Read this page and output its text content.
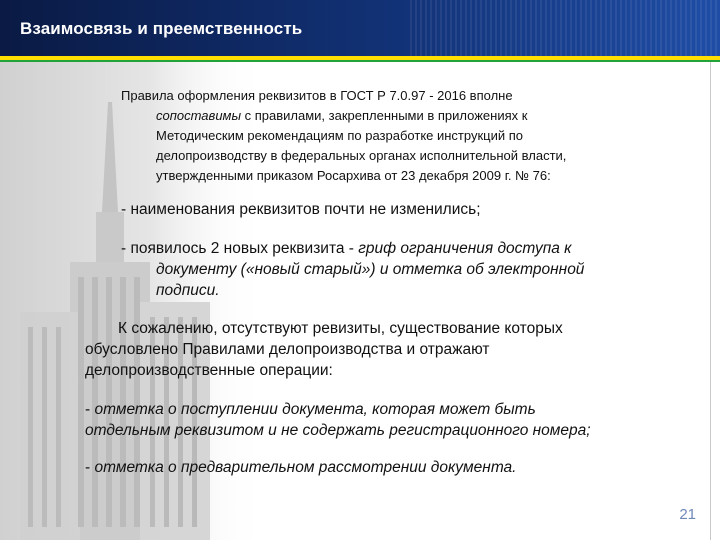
Взаимосвязь и преемственность
Правила оформления реквизитов в ГОСТ Р 7.0.97 - 2016 вполне
сопоставимы с правилами, закрепленными в приложениях к
Методическим рекомендациям по разработке инструкций по
делопроизводству в федеральных органах исполнительной власти,
утвержденными приказом Росархива от 23 декабря 2009 г. № 76:
- наименования реквизитов почти не изменились;
- появилось 2 новых реквизита - гриф ограничения доступа к
документу («новый старый») и отметка об электронной
подписи.
К сожалению, отсутствуют ревизиты, существование которых
обусловлено Правилами делопроизводства и отражают
делопроизводственные операции:
- отметка о поступлении документа, которая может быть
отдельным реквизитом и не содержать регистрационного номера;
- отметка о предварительном рассмотрении документа.
21
